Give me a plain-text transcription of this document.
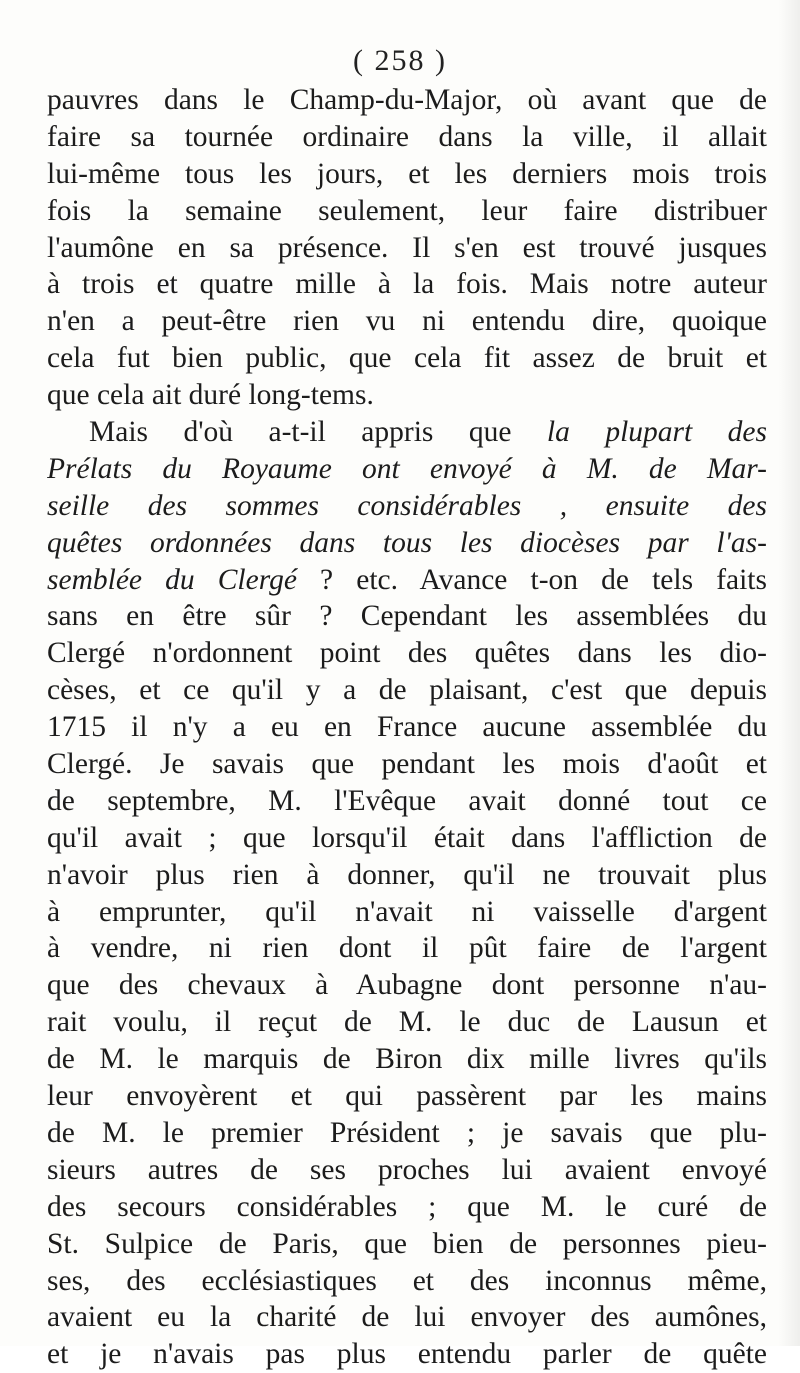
( 258 )
pauvres dans le Champ-du-Major, où avant que de
faire sa tournée ordinaire dans la ville, il allait
lui-même tous les jours, et les derniers mois trois
fois la semaine seulement, leur faire distribuer
l'aumône en sa présence. Il s'en est trouvé jusques
à trois et quatre mille à la fois. Mais notre auteur
n'en a peut-être rien vu ni entendu dire, quoique
cela fut bien public, que cela fit assez de bruit et
que cela ait duré long-tems.
Mais d'où a-t-il appris que la plupart des
Prélats du Royaume ont envoyé à M. de Mar-
seille des sommes considérables , ensuite des
quêtes ordonnées dans tous les diocèses par l'as-
semblée du Clergé ? etc. Avance t-on de tels faits
sans en être sûr ? Cependant les assemblées du
Clergé n'ordonnent point des quêtes dans les dio-
cèses, et ce qu'il y a de plaisant, c'est que depuis
1715 il n'y a eu en France aucune assemblée du
Clergé. Je savais que pendant les mois d'août et
de septembre, M. l'Evêque avait donné tout ce
qu'il avait ; que lorsqu'il était dans l'affliction de
n'avoir plus rien à donner, qu'il ne trouvait plus
à emprunter, qu'il n'avait ni vaisselle d'argent
à vendre, ni rien dont il pût faire de l'argent
que des chevaux à Aubagne dont personne n'au-
rait voulu, il reçut de M. le duc de Lausun et
de M. le marquis de Biron dix mille livres qu'ils
leur envoyèrent et qui passèrent par les mains
de M. le premier Président ; je savais que plu-
sieurs autres de ses proches lui avaient envoyé
des secours considérables ; que M. le curé de
St. Sulpice de Paris, que bien de personnes pieu-
ses, des ecclésiastiques et des inconnus même,
avaient eu la charité de lui envoyer des aumônes,
et je n'avais pas plus entendu parler de quête
